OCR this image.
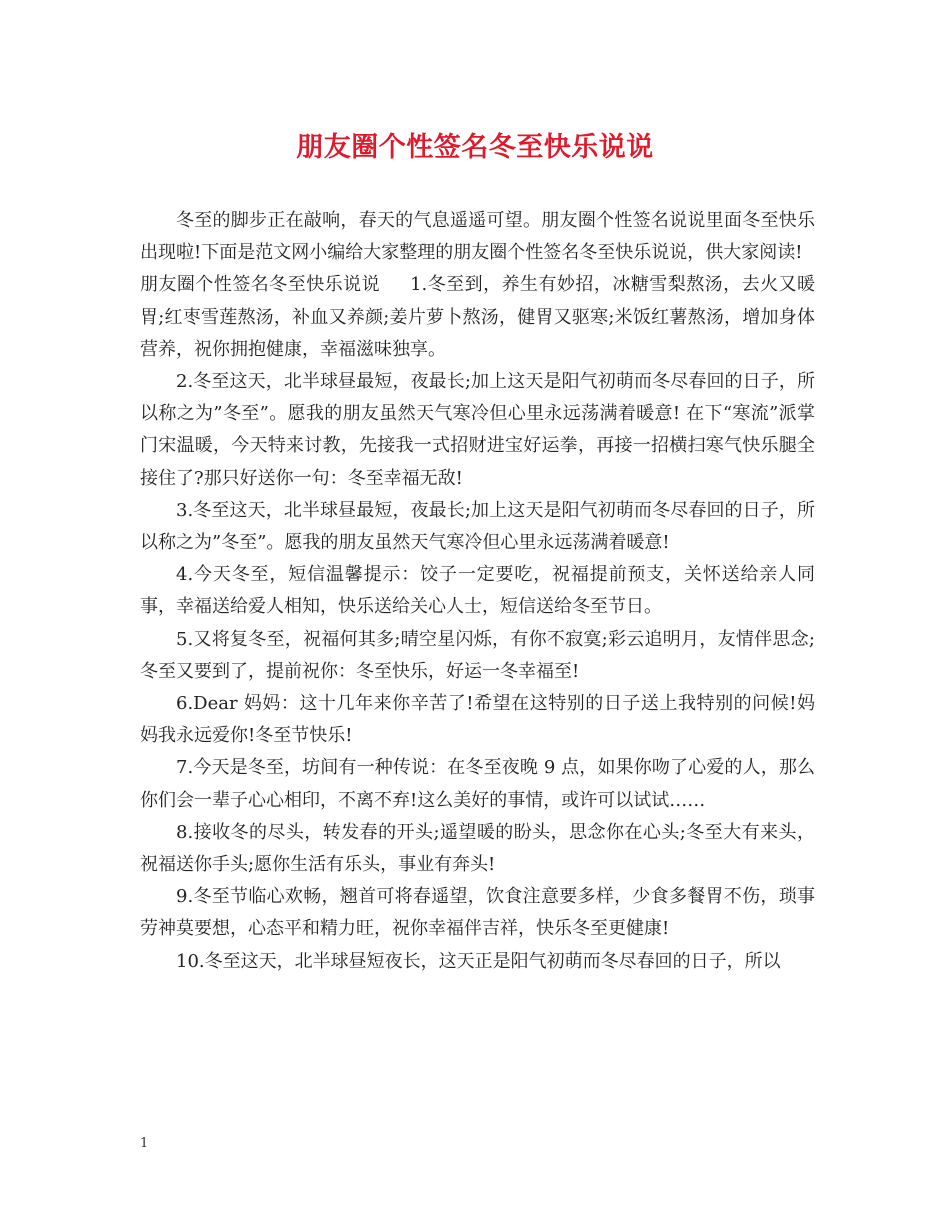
朋友圈个性签名冬至快乐说说

冬至的脚步正在敲响，春天的气息遥遥可望。朋友圈个性签名说说里面冬至快乐出现啦!下面是范文网小编给大家整理的朋友圈个性签名冬至快乐说说，供大家阅读!

朋友圈个性签名冬至快乐说说 1.冬至到，养生有妙招，冰糖雪梨熬汤，去火又暖胃;红枣雪莲熬汤，补血又养颜;姜片萝卜熬汤，健胃又驱寒;米饭红薯熬汤，增加身体营养，祝你拥抱健康，幸福滋味独享。

2.冬至这天，北半球昼最短，夜最长;加上这天是阳气初萌而冬尽春回的日子，所以称之为”冬至”。愿我的朋友虽然天气寒冷但心里永远荡满着暖意! 在下“寒流”派掌门宋温暖，今天特来讨教，先接我一式招财进宝好运拳，再接一招横扫寒气快乐腿全接住了?那只好送你一句：冬至幸福无敌!

3.冬至这天，北半球昼最短，夜最长;加上这天是阳气初萌而冬尽春回的日子，所以称之为”冬至”。愿我的朋友虽然天气寒冷但心里永远荡满着暖意!

4.今天冬至，短信温馨提示：饺子一定要吃，祝福提前预支，关怀送给亲人同事，幸福送给爱人相知，快乐送给关心人士，短信送给冬至节日。

5.又将复冬至，祝福何其多;晴空星闪烁，有你不寂寞;彩云追明月，友情伴思念;冬至又要到了，提前祝你：冬至快乐，好运一冬幸福至!

6.Dear 妈妈：这十几年来你辛苦了!希望在这特别的日子送上我特别的问候!妈妈我永远爱你!冬至节快乐!

7.今天是冬至，坊间有一种传说：在冬至夜晚 9 点，如果你吻了心爱的人，那么你们会一辈子心心相印，不离不弃!这么美好的事情，或许可以试试……

8.接收冬的尽头，转发春的开头;遥望暖的盼头，思念你在心头;冬至大有来头，祝福送你手头;愿你生活有乐头，事业有奔头!

9.冬至节临心欢畅，翘首可将春遥望，饮食注意要多样，少食多餐胃不伤，琐事劳神莫要想，心态平和精力旺，祝你幸福伴吉祥，快乐冬至更健康!

10.冬至这天，北半球昼短夜长，这天正是阳气初萌而冬尽春回的日子，所以

1
